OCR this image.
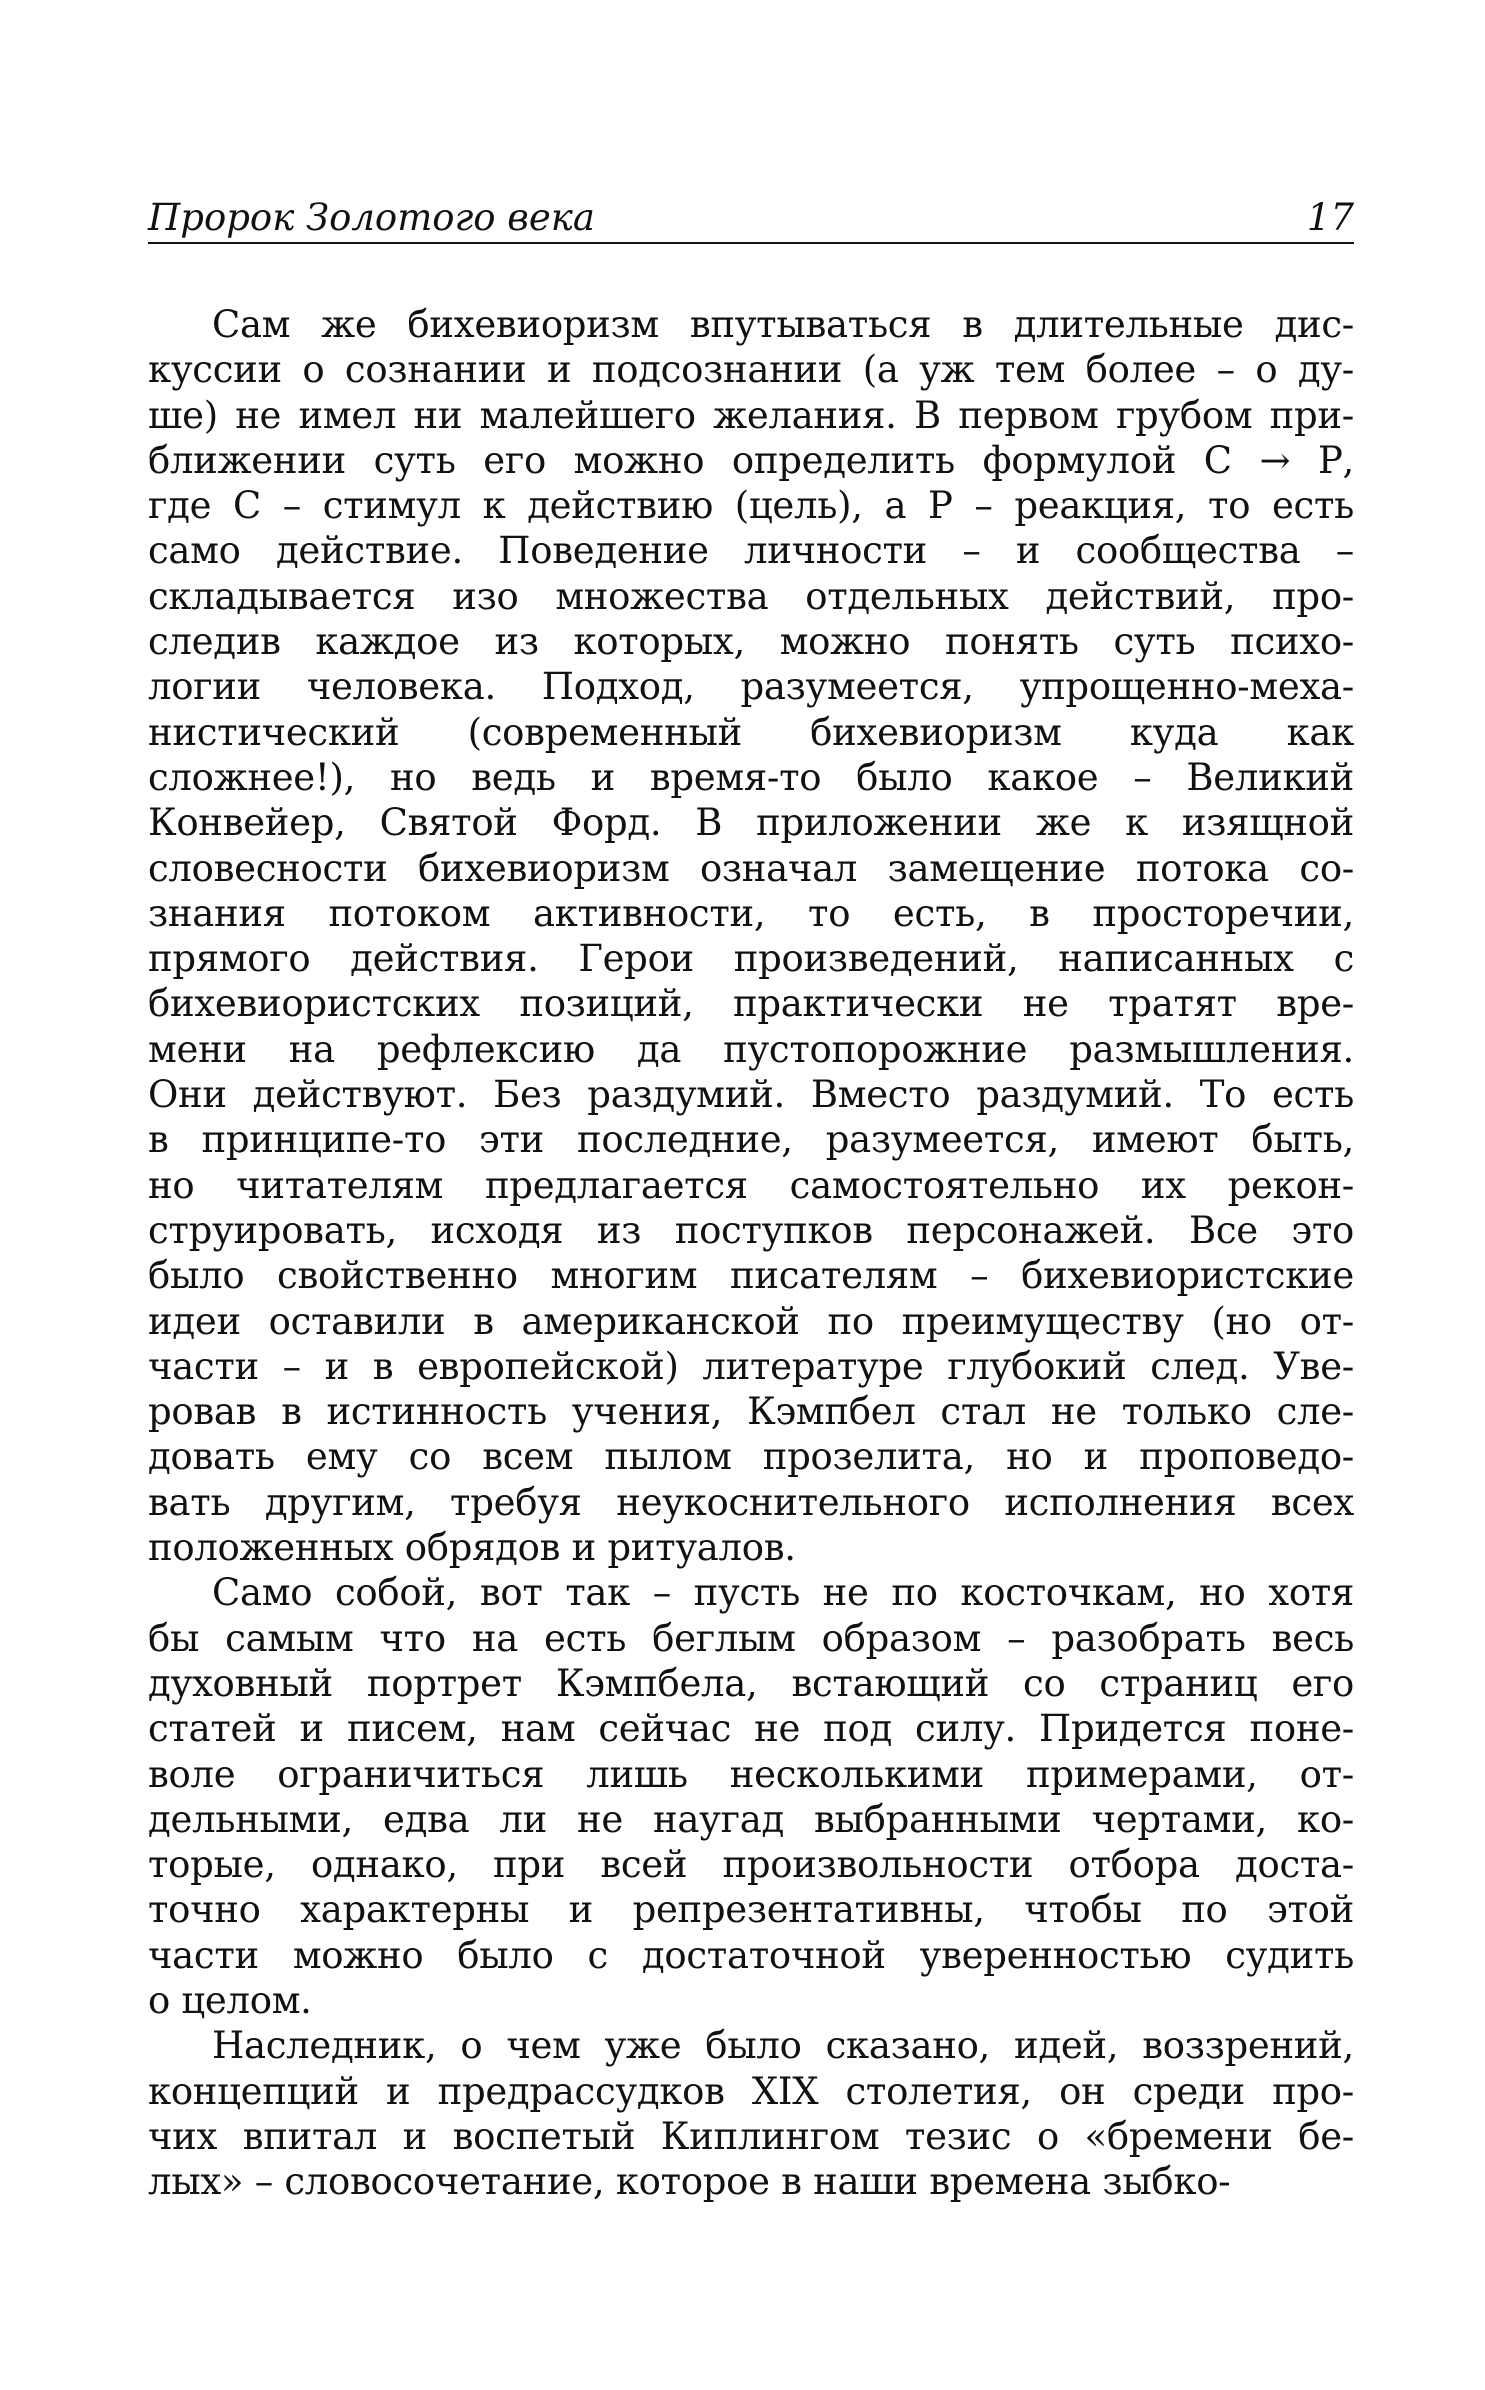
Пророк Золотого века	17
Сам же бихевиоризм впутываться в длительные дис-
куссии о сознании и подсознании (а уж тем более – о ду-
ше) не имел ни малейшего желания. В первом грубом при-
ближении суть его можно определить формулой С → Р,
где С – стимул к действию (цель), а Р – реакция, то есть
само действие. Поведение личности – и сообщества –
складывается изо множества отдельных действий, про-
следив каждое из которых, можно понять суть психо-
логии человека. Подход, разумеется, упрощенно-меха-
нистический (современный бихевиоризм куда как
сложнее!), но ведь и время-то было какое – Великий
Конвейер, Святой Форд. В приложении же к изящной
словесности бихевиоризм означал замещение потока со-
знания потоком активности, то есть, в просторечии,
прямого действия. Герои произведений, написанных с
бихевиористских позиций, практически не тратят вре-
мени на рефлексию да пустопорожние размышления.
Они действуют. Без раздумий. Вместо раздумий. То есть
в принципе-то эти последние, разумеется, имеют быть,
но читателям предлагается самостоятельно их рекон-
струировать, исходя из поступков персонажей. Все это
было свойственно многим писателям – бихевиористские
идеи оставили в американской по преимуществу (но от-
части – и в европейской) литературе глубокий след. Уве-
ровав в истинность учения, Кэмпбел стал не только сле-
довать ему со всем пылом прозелита, но и проповедо-
вать другим, требуя неукоснительного исполнения всех
положенных обрядов и ритуалов.
Само собой, вот так – пусть не по косточкам, но хотя
бы самым что на есть беглым образом – разобрать весь
духовный портрет Кэмпбела, встающий со страниц его
статей и писем, нам сейчас не под силу. Придется поне-
воле ограничиться лишь несколькими примерами, от-
дельными, едва ли не наугад выбранными чертами, ко-
торые, однако, при всей произвольности отбора доста-
точно характерны и репрезентативны, чтобы по этой
части можно было с достаточной уверенностью судить
о целом.
Наследник, о чем уже было сказано, идей, воззрений,
концепций и предрассудков XIX столетия, он среди про-
чих впитал и воспетый Киплингом тезис о «бремени бе-
лых» – словосочетание, которое в наши времена зыбко-
